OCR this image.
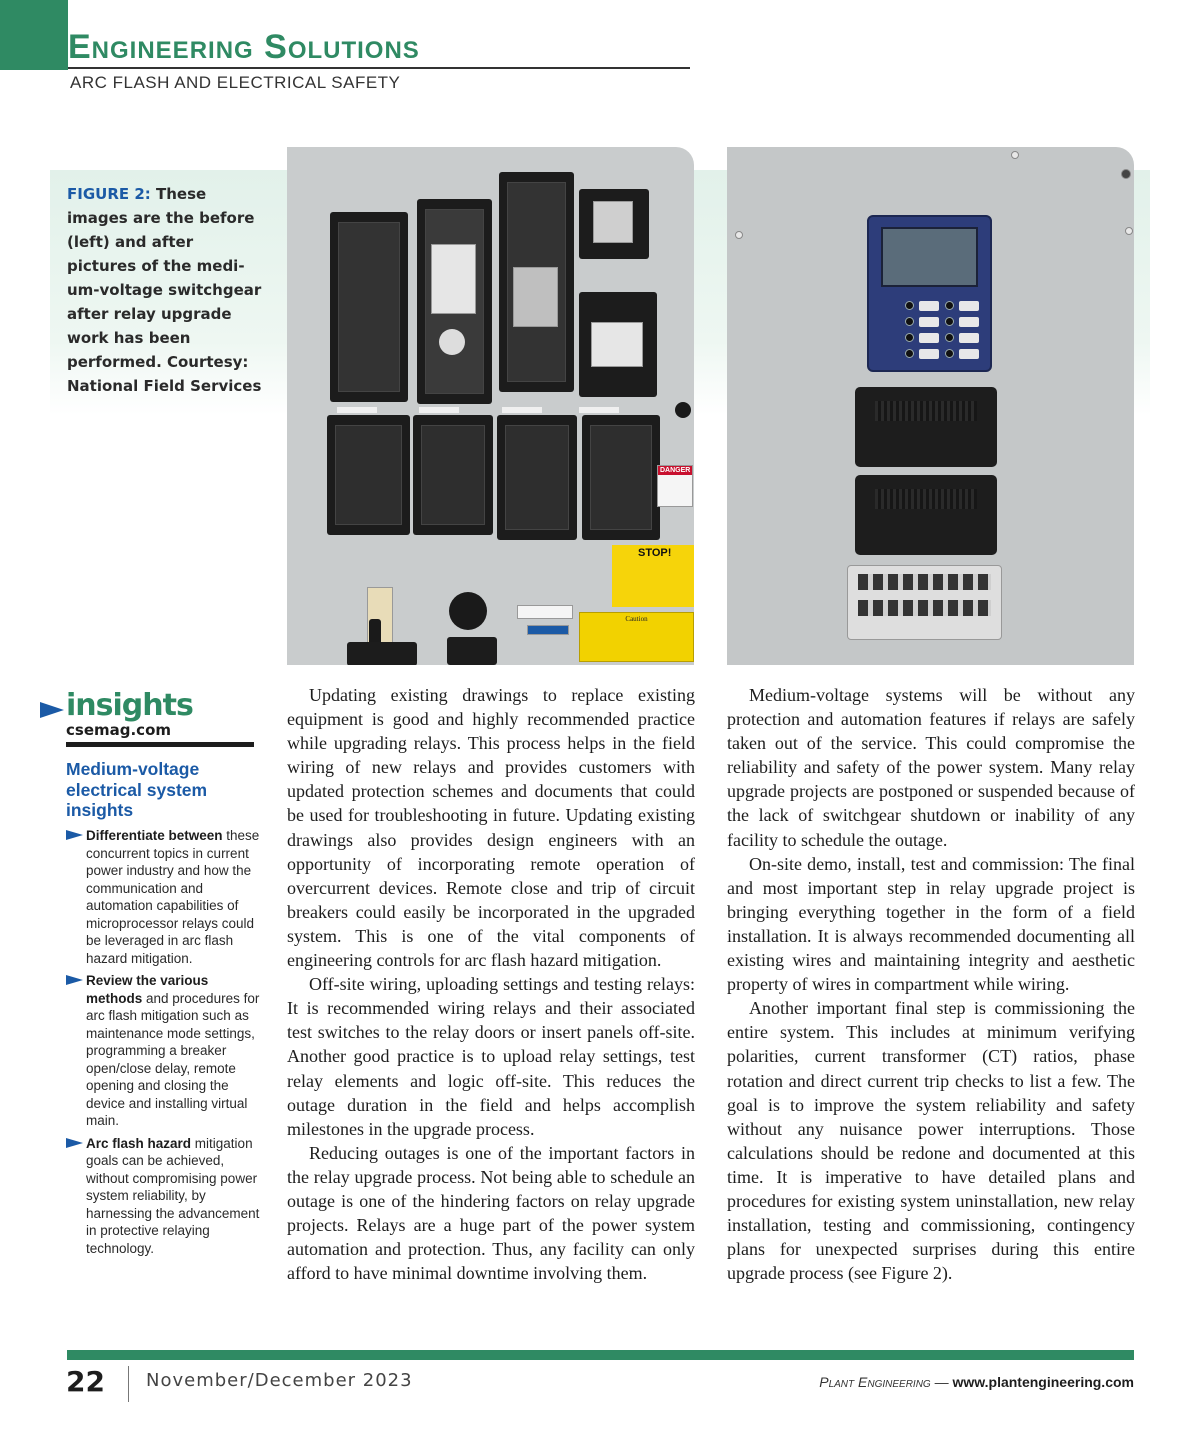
Engineering Solutions
ARC FLASH AND ELECTRICAL SAFETY
FIGURE 2: These images are the before (left) and after pictures of the medi-um-voltage switchgear after relay upgrade work has been performed. Courtesy: National Field Services
DANGER
STOP!
Caution
insights
csemag.com
Medium-voltage electrical system insights
Differentiate between these concurrent topics in current power industry and how the communication and automation capabilities of microprocessor relays could be leveraged in arc flash hazard mitigation.
Review the various methods and procedures for arc flash mitigation such as maintenance mode settings, programming a breaker open/close delay, remote opening and closing the device and installing virtual main.
Arc flash hazard mitigation goals can be achieved, without compromising power system reliability, by harnessing the advancement in protective relaying technology.

Updating existing drawings to replace existing equipment is good and highly recommended practice while upgrading relays. This process helps in the field wiring of new relays and provides customers with updated protection schemes and documents that could be used for troubleshooting in future. Updating existing drawings also provides design engineers with an opportunity of incorporating remote operation of overcurrent devices. Remote close and trip of circuit breakers could easily be incorporated in the upgraded system. This is one of the vital components of engineering controls for arc flash hazard mitigation.

Off-site wiring, uploading settings and testing relays: It is recommended wiring relays and their associated test switches to the relay doors or insert panels off-site. Another good practice is to upload relay settings, test relay elements and logic off-site. This reduces the outage duration in the field and helps accomplish milestones in the upgrade process.

Reducing outages is one of the important factors in the relay upgrade process. Not being able to schedule an outage is one of the hindering factors on relay upgrade projects. Relays are a huge part of the power system automation and protection. Thus, any facility can only afford to have minimal downtime involving them.

Medium-voltage systems will be without any protection and automation features if relays are safely taken out of the service. This could compromise the reliability and safety of the power system. Many relay upgrade projects are postponed or suspended because of the lack of switchgear shutdown or inability of any facility to schedule the outage.

On-site demo, install, test and commission: The final and most important step in relay upgrade project is bringing everything together in the form of a field installation. It is always recommended documenting all existing wires and maintaining integrity and aesthetic property of wires in compartment while wiring.

Another important final step is commissioning the entire system. This includes at minimum verifying polarities, current transformer (CT) ratios, phase rotation and direct current trip checks to list a few. The goal is to improve the system reliability and safety without any nuisance power interruptions. Those calculations should be redone and documented at this time. It is imperative to have detailed plans and procedures for existing system uninstallation, new relay installation, testing and commissioning, contingency plans for unexpected surprises during this entire upgrade process (see Figure 2).

22 November/December 2023	Plant Engineering — www.plantengineering.com
